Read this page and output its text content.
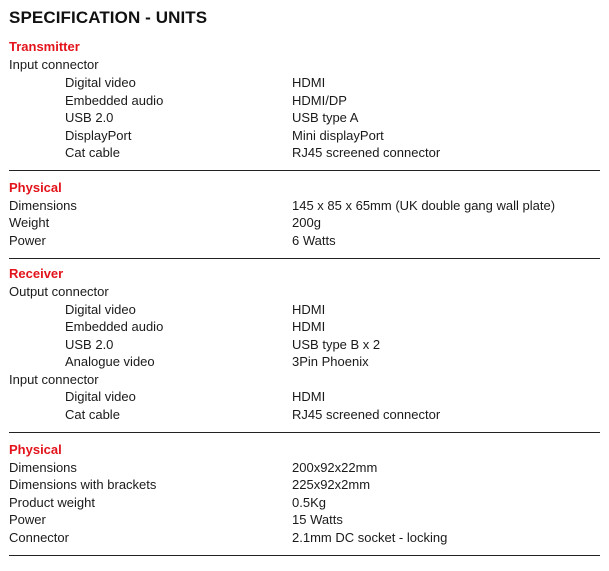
SPECIFICATION - UNITS
Transmitter
Input connector
Digital video	HDMI
Embedded audio	HDMI/DP
USB 2.0	USB type A
DisplayPort	Mini displayPort
Cat cable	RJ45 screened connector
Physical
Dimensions	145 x 85 x 65mm (UK double gang wall plate)
Weight	200g
Power	6 Watts
Receiver
Output connector
Digital video	HDMI
Embedded audio	HDMI
USB 2.0	USB type B x 2
Analogue video	3Pin Phoenix
Input connector
Digital video	HDMI
Cat cable	RJ45 screened connector
Physical
Dimensions	200x92x22mm
Dimensions with brackets	225x92x2mm
Product weight	0.5Kg
Power	15 Watts
Connector	2.1mm DC socket - locking
